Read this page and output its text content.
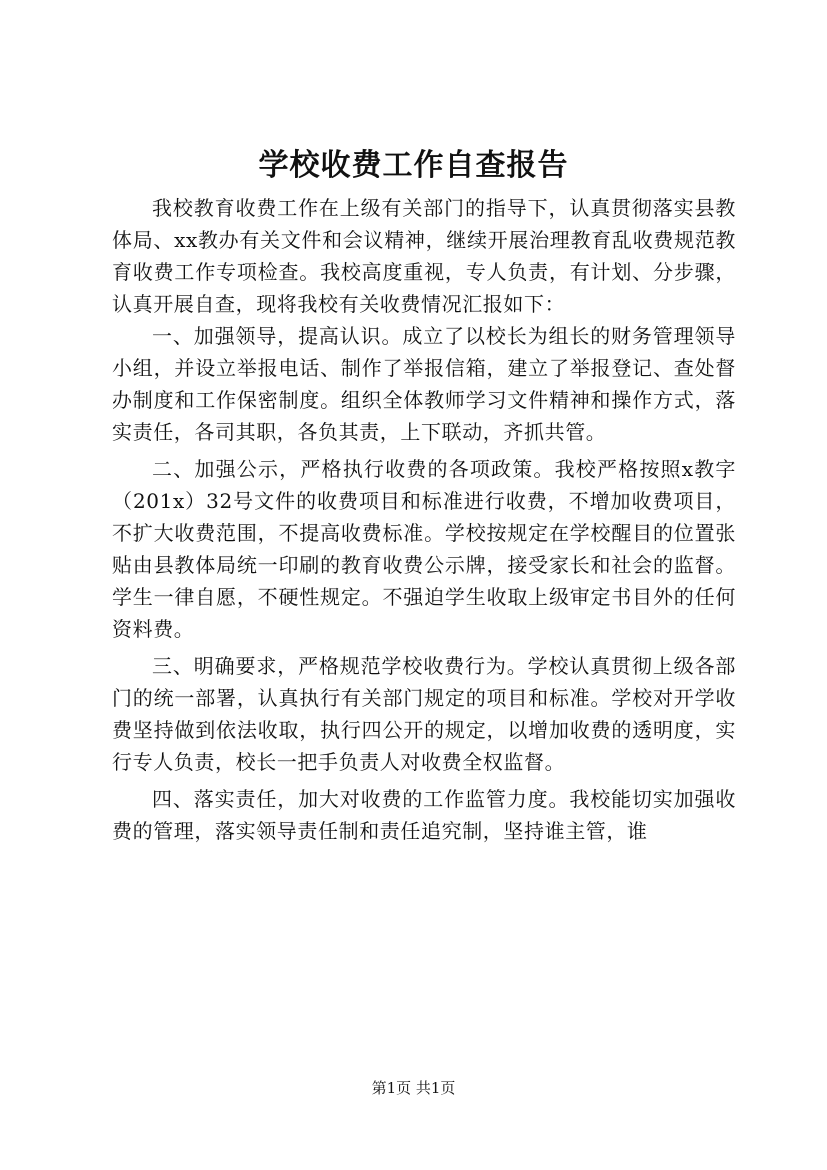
学校收费工作自查报告

我校教育收费工作在上级有关部门的指导下，认真贯彻落实县教体局、xx教办有关文件和会议精神，继续开展治理教育乱收费规范教育收费工作专项检查。我校高度重视，专人负责，有计划、分步骤，认真开展自查，现将我校有关收费情况汇报如下：

一、加强领导，提高认识。成立了以校长为组长的财务管理领导小组，并设立举报电话、制作了举报信箱，建立了举报登记、查处督办制度和工作保密制度。组织全体教师学习文件精神和操作方式，落实责任，各司其职，各负其责，上下联动，齐抓共管。

二、加强公示，严格执行收费的各项政策。我校严格按照x教字（201x）32号文件的收费项目和标准进行收费，不增加收费项目，不扩大收费范围，不提高收费标准。学校按规定在学校醒目的位置张贴由县教体局统一印刷的教育收费公示牌，接受家长和社会的监督。学生一律自愿，不硬性规定。不强迫学生收取上级审定书目外的任何资料费。

三、明确要求，严格规范学校收费行为。学校认真贯彻上级各部门的统一部署，认真执行有关部门规定的项目和标准。学校对开学收费坚持做到依法收取，执行四公开的规定，以增加收费的透明度，实行专人负责，校长一把手负责人对收费全权监督。

四、落实责任，加大对收费的工作监管力度。我校能切实加强收费的管理，落实领导责任制和责任追究制，坚持谁主管，谁

第1页 共1页
